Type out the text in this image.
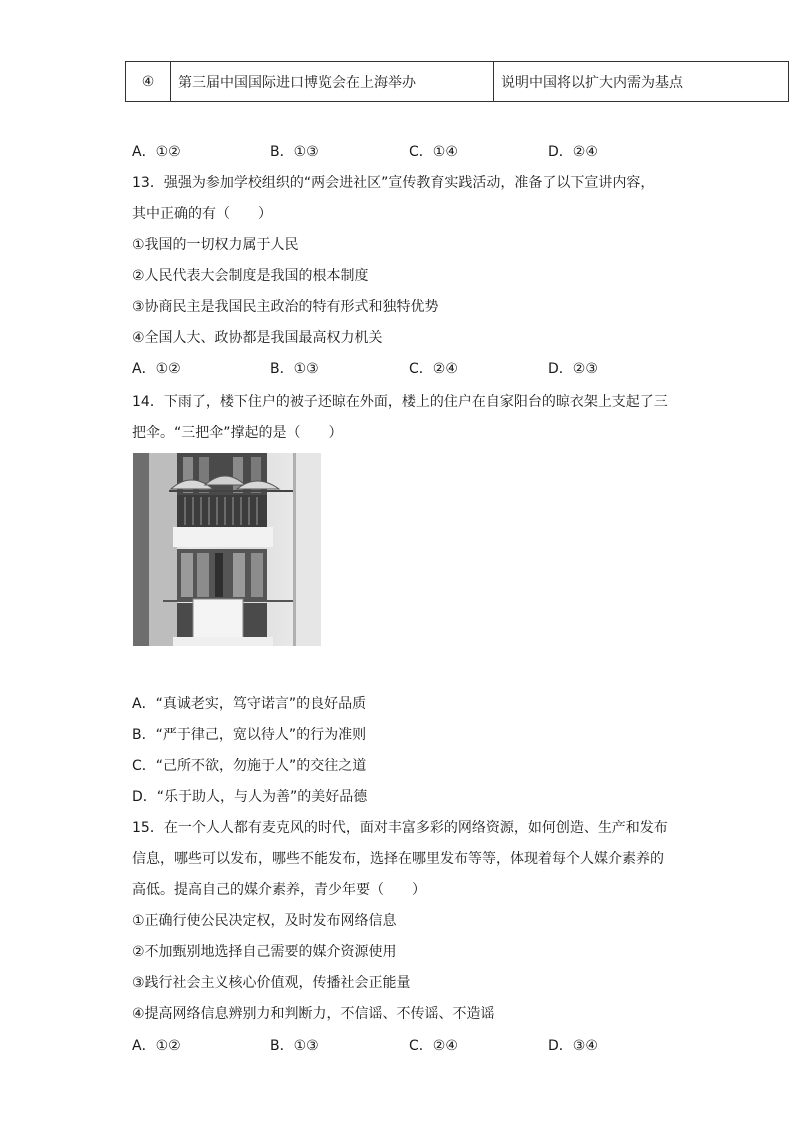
④	第三届中国国际进口博览会在上海举办	说明中国将以扩大内需为基点
A．①②	B．①③	C．①④	D．②④
13．强强为参加学校组织的“两会进社区”宣传教育实践活动，准备了以下宣讲内容，
其中正确的有（　　）
①我国的一切权力属于人民
②人民代表大会制度是我国的根本制度
③协商民主是我国民主政治的特有形式和独特优势
④全国人大、政协都是我国最高权力机关
A．①②	B．①③	C．②④	D．②③
14．下雨了，楼下住户的被子还晾在外面，楼上的住户在自家阳台的晾衣架上支起了三
把伞。“三把伞”撑起的是（　　）
A．“真诚老实，笃守诺言”的良好品质
B．“严于律己，宽以待人”的行为准则
C．“己所不欲，勿施于人”的交往之道
D．“乐于助人，与人为善”的美好品德
15．在一个人人都有麦克风的时代，面对丰富多彩的网络资源，如何创造、生产和发布
信息，哪些可以发布，哪些不能发布，选择在哪里发布等等，体现着每个人媒介素养的
高低。提高自己的媒介素养，青少年要（　　）
①正确行使公民决定权，及时发布网络信息
②不加甄别地选择自己需要的媒介资源使用
③践行社会主义核心价值观，传播社会正能量
④提高网络信息辨别力和判断力，不信谣、不传谣、不造谣
A．①②	B．①③	C．②④	D．③④
